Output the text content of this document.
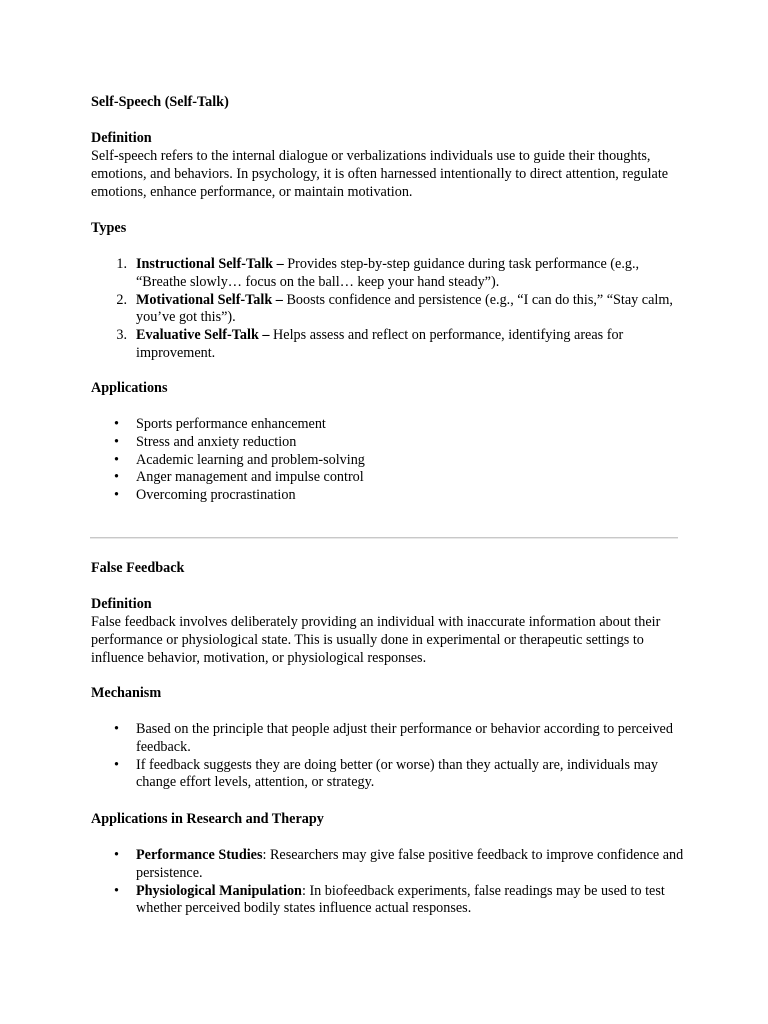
Self-Speech (Self-Talk)
Definition

Self-speech refers to the internal dialogue or verbalizations individuals use to guide their thoughts, emotions, and behaviors. In psychology, it is often harnessed intentionally to direct attention, regulate emotions, enhance performance, or maintain motivation.

Types
1. Instructional Self-Talk – Provides step-by-step guidance during task performance (e.g., “Breathe slowly… focus on the ball… keep your hand steady”).
2. Motivational Self-Talk – Boosts confidence and persistence (e.g., “I can do this,” “Stay calm, you’ve got this”).
3. Evaluative Self-Talk – Helps assess and reflect on performance, identifying areas for improvement.
Applications
• Sports performance enhancement
• Stress and anxiety reduction
• Academic learning and problem-solving
• Anger management and impulse control
• Overcoming procrastination
False Feedback
Definition

False feedback involves deliberately providing an individual with inaccurate information about their performance or physiological state. This is usually done in experimental or therapeutic settings to influence behavior, motivation, or physiological responses.

Mechanism
• Based on the principle that people adjust their performance or behavior according to perceived feedback.
• If feedback suggests they are doing better (or worse) than they actually are, individuals may change effort levels, attention, or strategy.
Applications in Research and Therapy
• Performance Studies: Researchers may give false positive feedback to improve confidence and persistence.
• Physiological Manipulation: In biofeedback experiments, false readings may be used to test whether perceived bodily states influence actual responses.
